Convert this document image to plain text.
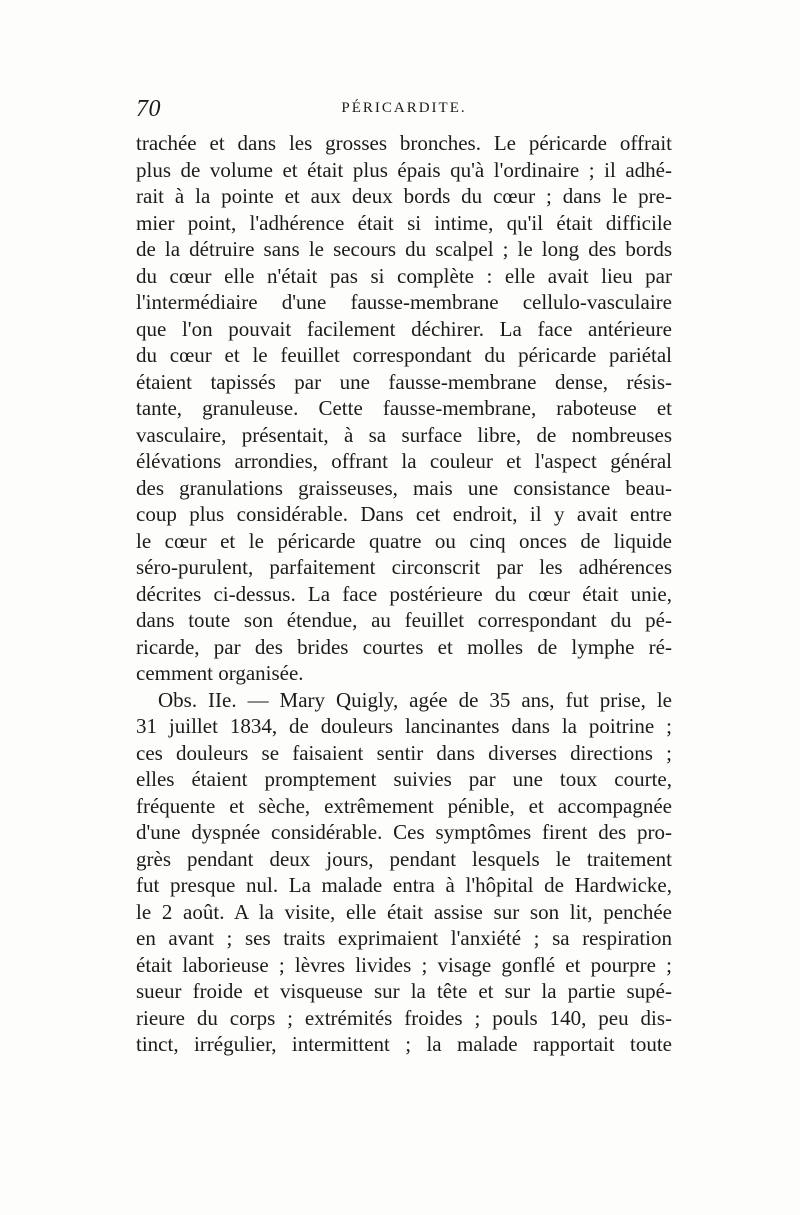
70	PÉRICARDITE.
trachée et dans les grosses bronches. Le péricarde offrait
plus de volume et était plus épais qu'à l'ordinaire ; il adhé-
rait à la pointe et aux deux bords du cœur ; dans le pre-
mier point, l'adhérence était si intime, qu'il était difficile
de la détruire sans le secours du scalpel ; le long des bords
du cœur elle n'était pas si complète : elle avait lieu par
l'intermédiaire d'une fausse-membrane cellulo-vasculaire
que l'on pouvait facilement déchirer. La face antérieure
du cœur et le feuillet correspondant du péricarde pariétal
étaient tapissés par une fausse-membrane dense, résis-
tante, granuleuse. Cette fausse-membrane, raboteuse et
vasculaire, présentait, à sa surface libre, de nombreuses
élévations arrondies, offrant la couleur et l'aspect général
des granulations graisseuses, mais une consistance beau-
coup plus considérable. Dans cet endroit, il y avait entre
le cœur et le péricarde quatre ou cinq onces de liquide
séro-purulent, parfaitement circonscrit par les adhérences
décrites ci-dessus. La face postérieure du cœur était unie,
dans toute son étendue, au feuillet correspondant du pé-
ricarde, par des brides courtes et molles de lymphe ré-
cemment organisée.
Obs. IIe. — Mary Quigly, agée de 35 ans, fut prise, le
31 juillet 1834, de douleurs lancinantes dans la poitrine ;
ces douleurs se faisaient sentir dans diverses directions ;
elles étaient promptement suivies par une toux courte,
fréquente et sèche, extrêmement pénible, et accompagnée
d'une dyspnée considérable. Ces symptômes firent des pro-
grès pendant deux jours, pendant lesquels le traitement
fut presque nul. La malade entra à l'hôpital de Hardwicke,
le 2 août. A la visite, elle était assise sur son lit, penchée
en avant ; ses traits exprimaient l'anxiété ; sa respiration
était laborieuse ; lèvres livides ; visage gonflé et pourpre ;
sueur froide et visqueuse sur la tête et sur la partie supé-
rieure du corps ; extrémités froides ; pouls 140, peu dis-
tinct, irrégulier, intermittent ; la malade rapportait toute
